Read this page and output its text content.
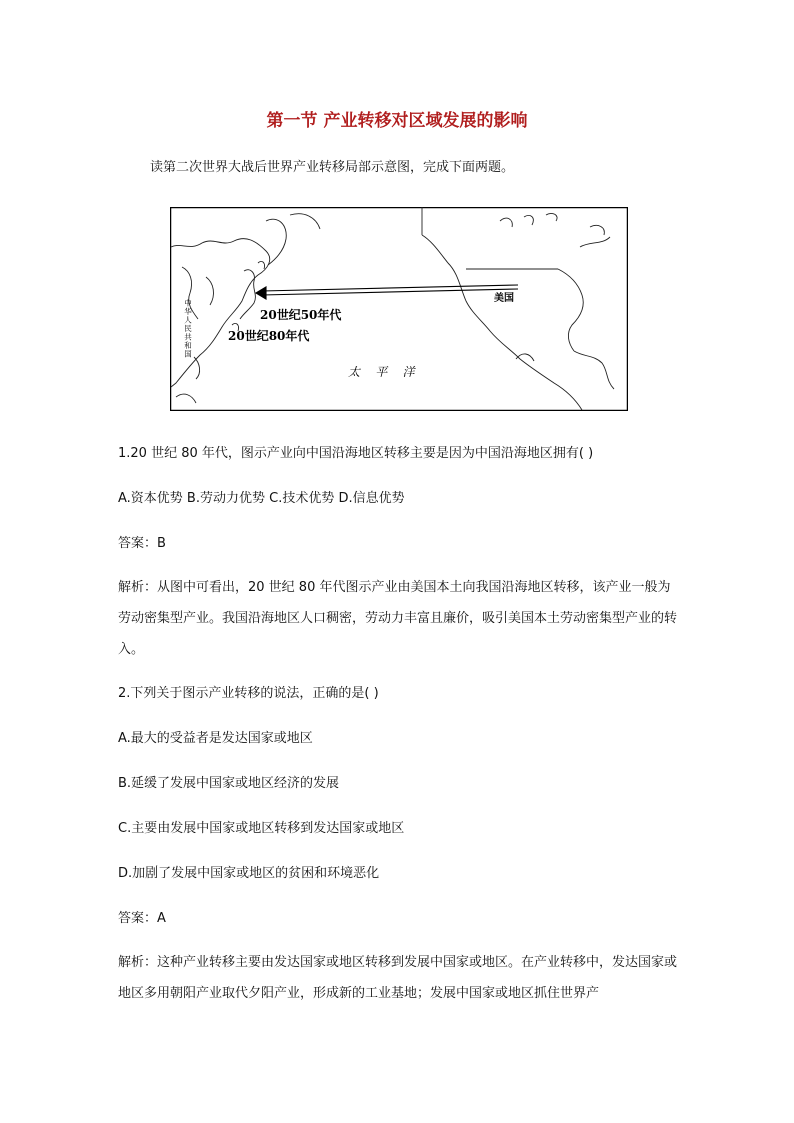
第一节 产业转移对区域发展的影响
读第二次世界大战后世界产业转移局部示意图，完成下面两题。
美国
20世纪50年代
20世纪80年代
太    平    洋
中华人民共和国
1.20 世纪 80 年代，图示产业向中国沿海地区转移主要是因为中国沿海地区拥有( )
A.资本优势 B.劳动力优势 C.技术优势 D.信息优势
答案：B
解析：从图中可看出，20 世纪 80 年代图示产业由美国本土向我国沿海地区转移，该产业一般为劳动密集型产业。我国沿海地区人口稠密，劳动力丰富且廉价，吸引美国本土劳动密集型产业的转入。
2.下列关于图示产业转移的说法，正确的是( )
A.最大的受益者是发达国家或地区
B.延缓了发展中国家或地区经济的发展
C.主要由发展中国家或地区转移到发达国家或地区
D.加剧了发展中国家或地区的贫困和环境恶化
答案：A
解析：这种产业转移主要由发达国家或地区转移到发展中国家或地区。在产业转移中，发达国家或地区多用朝阳产业取代夕阳产业，形成新的工业基地；发展中国家或地区抓住世界产
